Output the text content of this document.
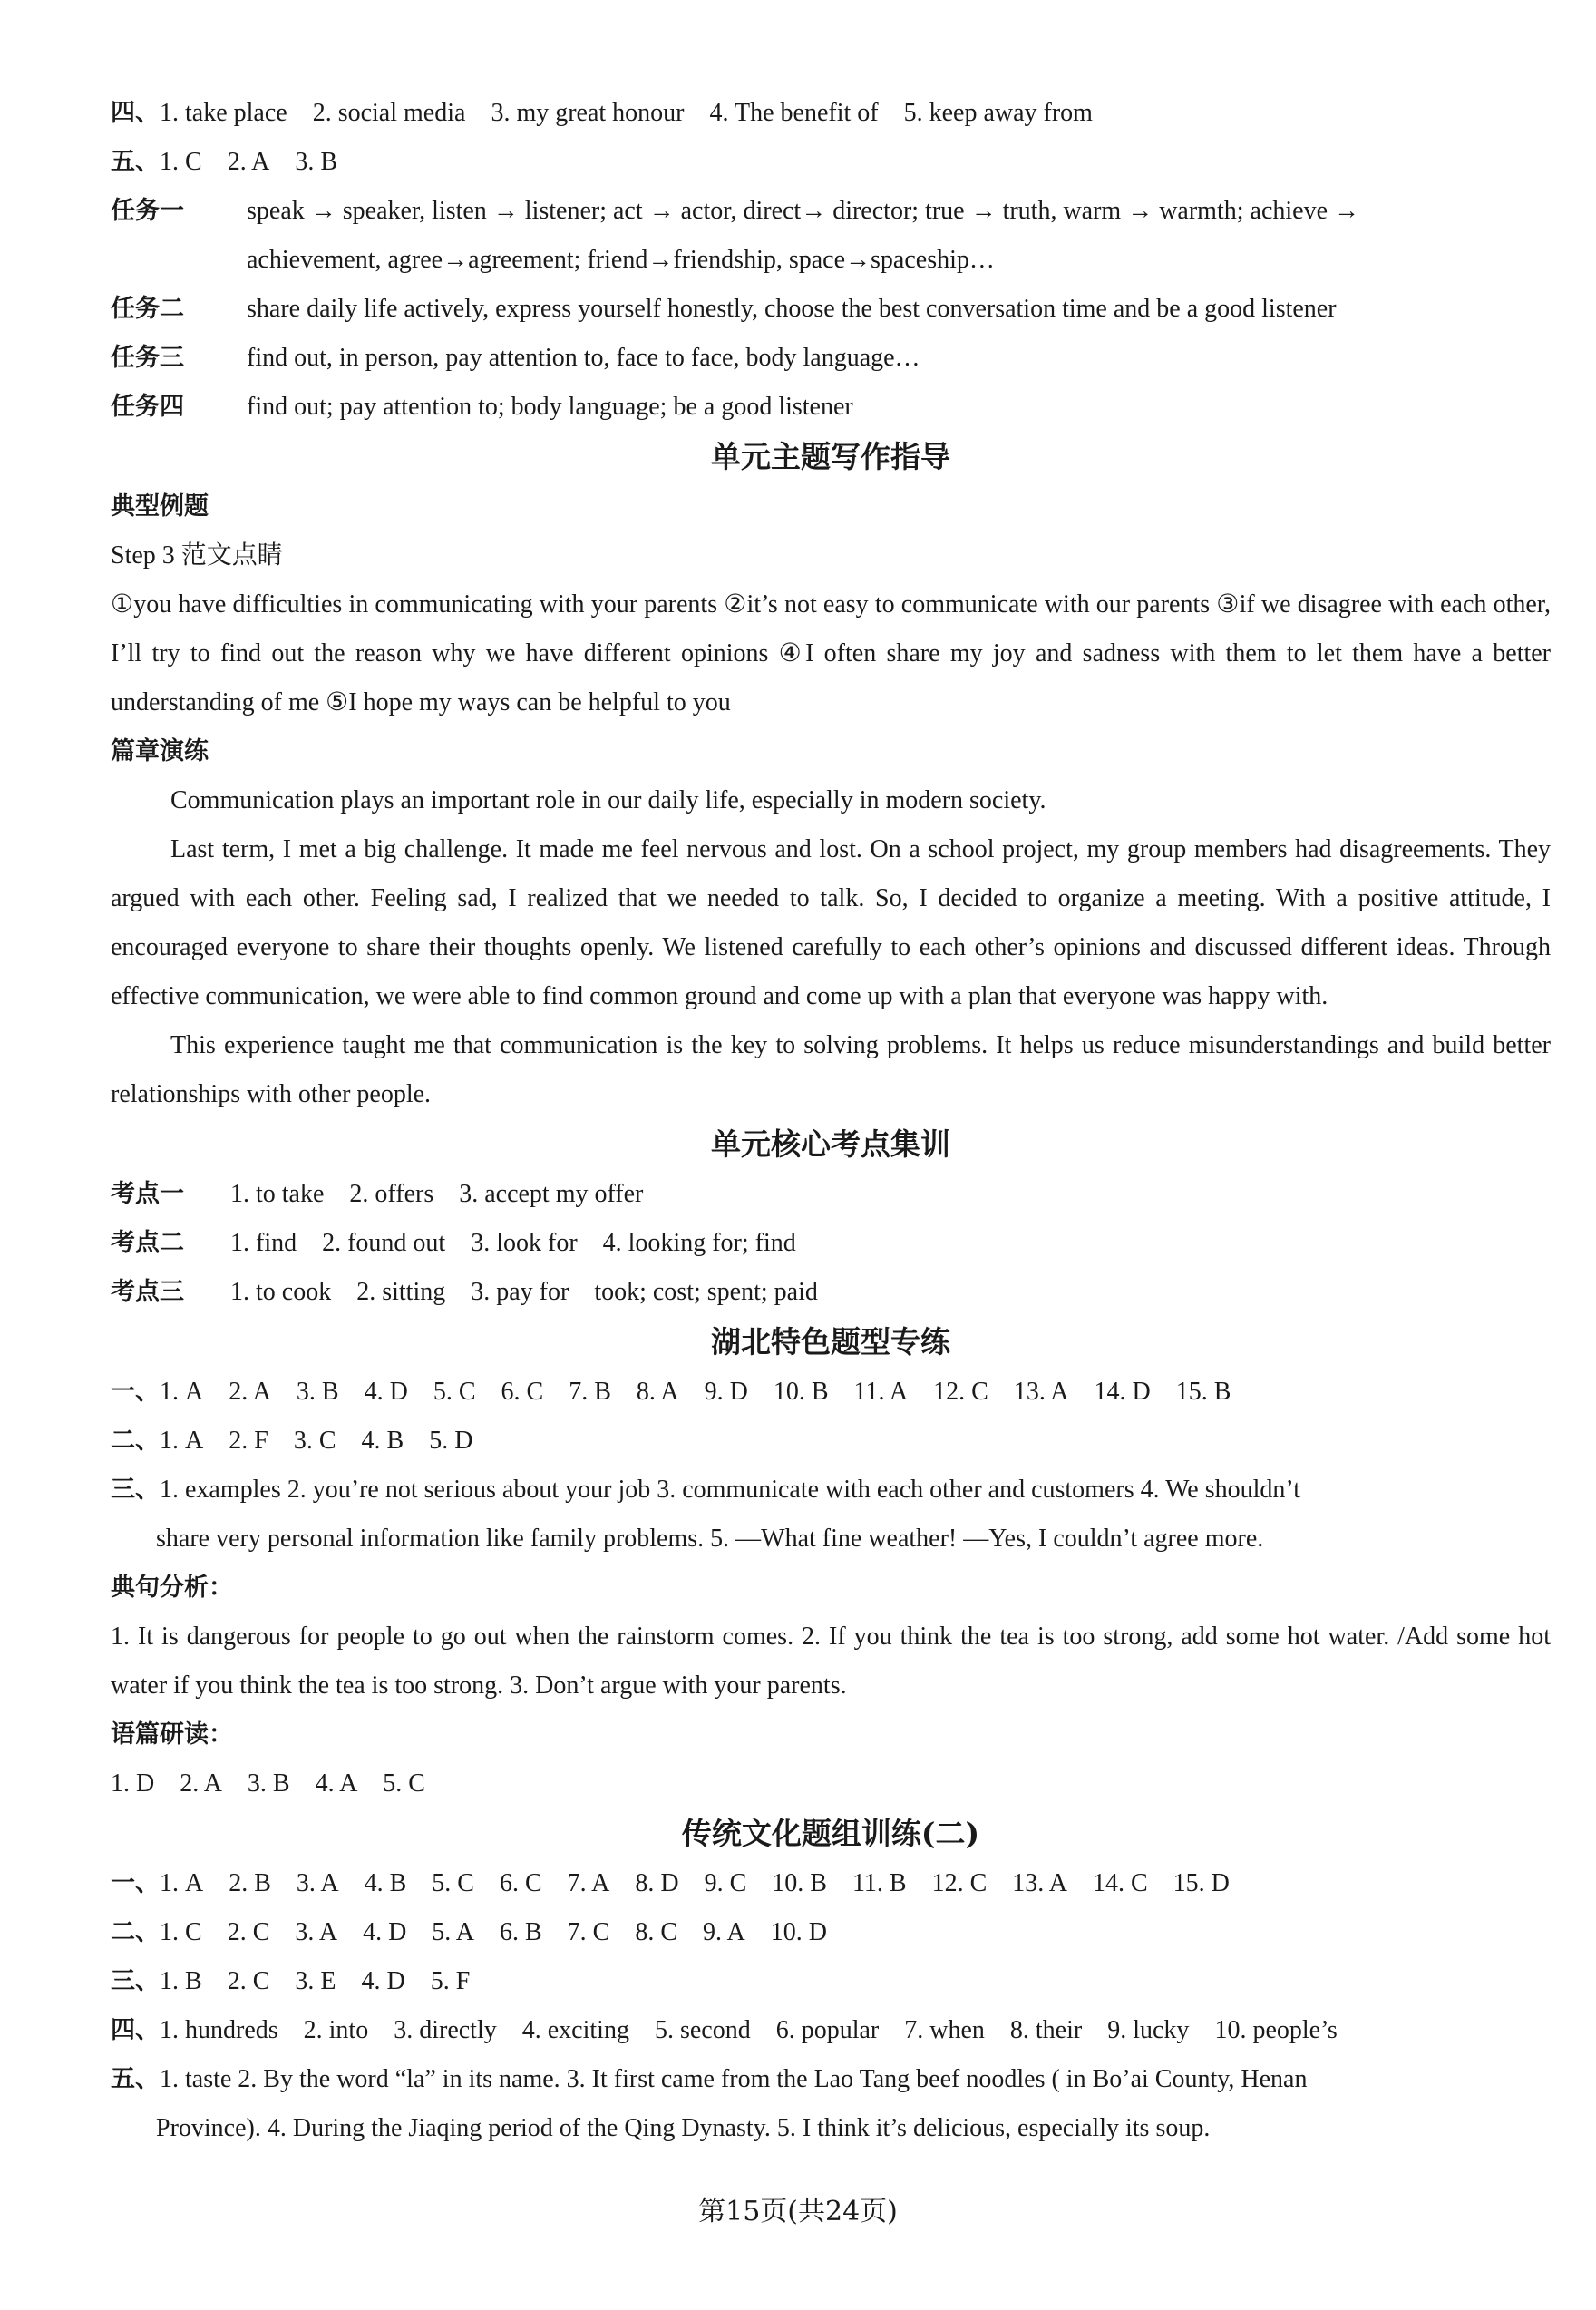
四、1. take place 2. social media 3. my great honour 4. The benefit of 5. keep away from
五、1. C 2. A 3. B
任务一 speak → speaker, listen → listener; act → actor, direct→ director; true → truth, warm → warmth; achieve →
achievement, agree→agreement; friend→friendship, space→spaceship…
任务二 share daily life actively, express yourself honestly, choose the best conversation time and be a good listener
任务三 find out, in person, pay attention to, face to face, body language…
任务四 find out; pay attention to; body language; be a good listener
单元主题写作指导
典型例题
Step 3 范文点睛
①you have difficulties in communicating with your parents ②it’s not easy to communicate with our parents ③if we disagree with each other, I’ll try to find out the reason why we have different opinions ④I often share my joy and sadness with them to let them have a better understanding of me ⑤I hope my ways can be helpful to you
篇章演练
Communication plays an important role in our daily life, especially in modern society.
Last term, I met a big challenge. It made me feel nervous and lost. On a school project, my group members had disagreements. They argued with each other. Feeling sad, I realized that we needed to talk. So, I decided to organize a meeting. With a positive attitude, I encouraged everyone to share their thoughts openly. We listened carefully to each other’s opinions and discussed different ideas. Through effective communication, we were able to find common ground and come up with a plan that everyone was happy with.
This experience taught me that communication is the key to solving problems. It helps us reduce misunderstandings and build better relationships with other people.
单元核心考点集训
考点一 1. to take 2. offers 3. accept my offer
考点二 1. find 2. found out 3. look for 4. looking for; find
考点三 1. to cook 2. sitting 3. pay for took; cost; spent; paid
湖北特色题型专练
一、1. A 2. A 3. B 4. D 5. C 6. C 7. B 8. A 9. D 10. B 11. A 12. C 13. A 14. D 15. B
二、1. A 2. F 3. C 4. B 5. D
三、1. examples 2. you’re not serious about your job 3. communicate with each other and customers 4. We shouldn’t
share very personal information like family problems. 5. —What fine weather! —Yes, I couldn’t agree more.
典句分析：
1. It is dangerous for people to go out when the rainstorm comes. 2. If you think the tea is too strong, add some hot water. /Add some hot water if you think the tea is too strong. 3. Don’t argue with your parents.
语篇研读：
1. D 2. A 3. B 4. A 5. C
传统文化题组训练(二)
一、1. A 2. B 3. A 4. B 5. C 6. C 7. A 8. D 9. C 10. B 11. B 12. C 13. A 14. C 15. D
二、1. C 2. C 3. A 4. D 5. A 6. B 7. C 8. C 9. A 10. D
三、1. B 2. C 3. E 4. D 5. F
四、1. hundreds 2. into 3. directly 4. exciting 5. second 6. popular 7. when 8. their 9. lucky 10. people’s
五、1. taste 2. By the word “la” in its name. 3. It first came from the Lao Tang beef noodles ( in Bo’ai County, Henan
Province). 4. During the Jiaqing period of the Qing Dynasty. 5. I think it’s delicious, especially its soup.
第15页(共24页)
